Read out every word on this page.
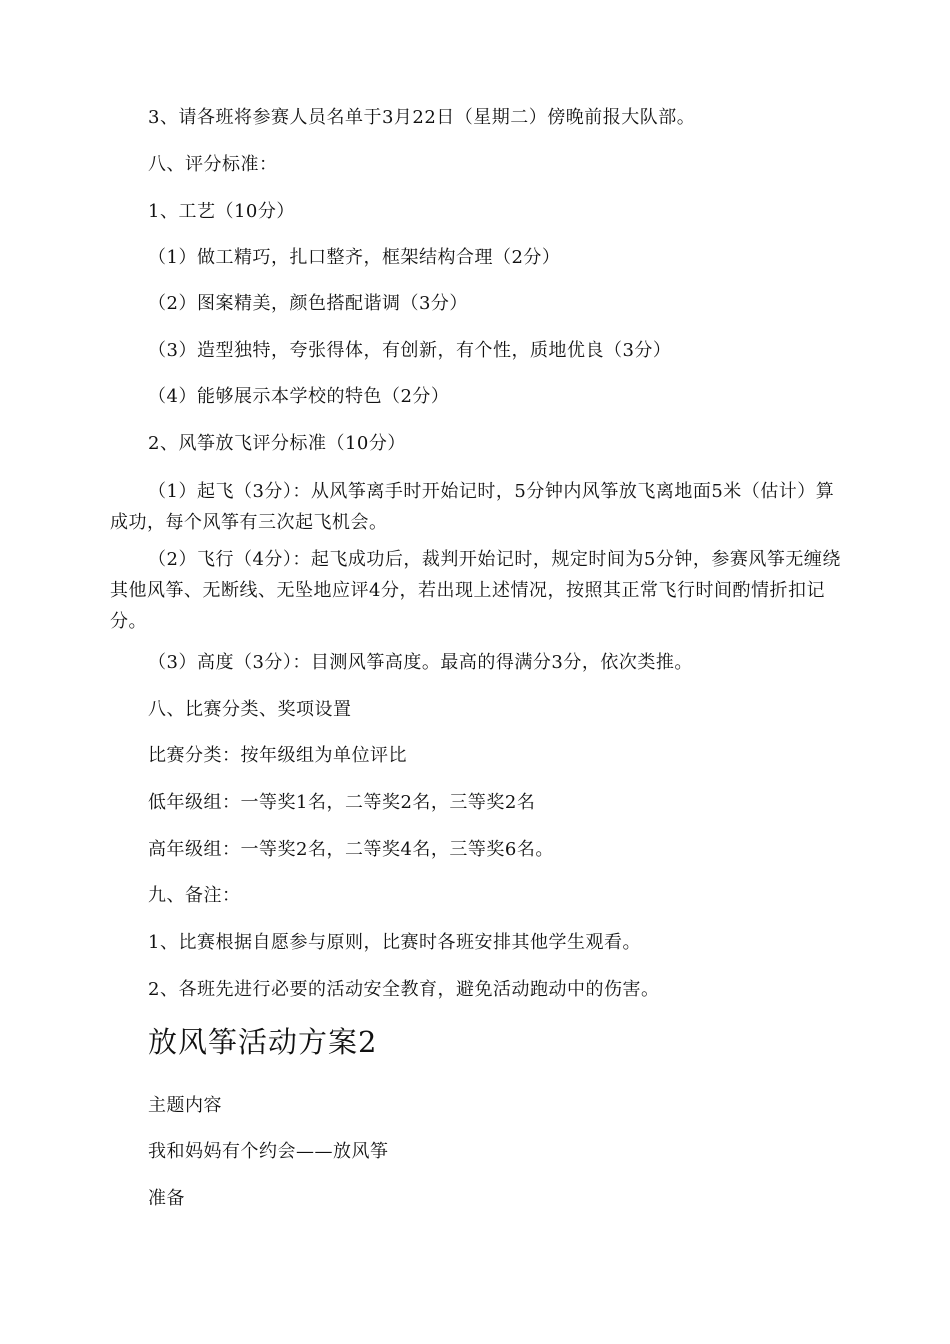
3、请各班将参赛人员名单于3月22日（星期二）傍晚前报大队部。
八、评分标准：
1、工艺（10分）
（1）做工精巧，扎口整齐，框架结构合理（2分）
（2）图案精美，颜色搭配谐调（3分）
（3）造型独特，夸张得体，有创新，有个性，质地优良（3分）
（4）能够展示本学校的特色（2分）
2、风筝放飞评分标准（10分）
（1）起飞（3分）：从风筝离手时开始记时，5分钟内风筝放飞离地面5米（估计）算成功，每个风筝有三次起飞机会。
（2）飞行（4分）：起飞成功后，裁判开始记时，规定时间为5分钟，参赛风筝无缠绕其他风筝、无断线、无坠地应评4分，若出现上述情况，按照其正常飞行时间酌情折扣记分。
（3）高度（3分）：目测风筝高度。最高的得满分3分，依次类推。
八、比赛分类、奖项设置
比赛分类：按年级组为单位评比
低年级组：一等奖1名，二等奖2名，三等奖2名
高年级组：一等奖2名，二等奖4名，三等奖6名。
九、备注：
1、比赛根据自愿参与原则，比赛时各班安排其他学生观看。
2、各班先进行必要的活动安全教育，避免活动跑动中的伤害。
放风筝活动方案2
主题内容
我和妈妈有个约会——放风筝
准备
